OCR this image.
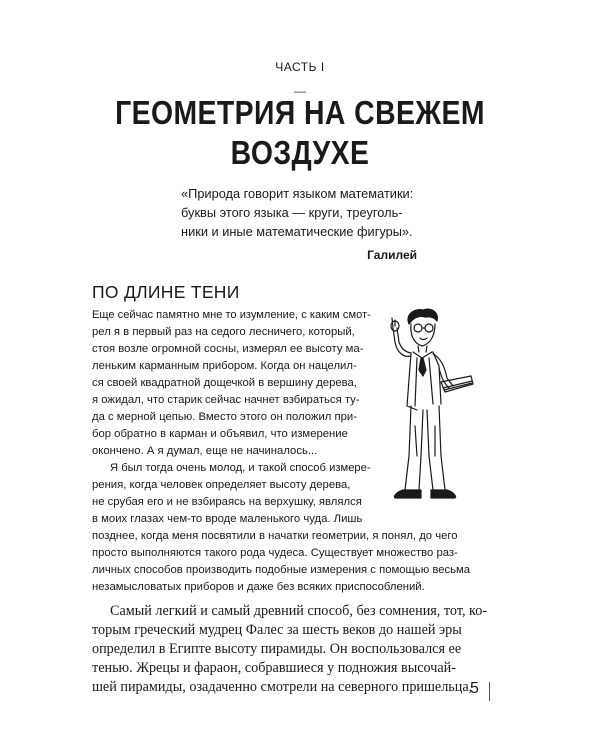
ЧАСТЬ I
—
ГЕОМЕТРИЯ НА СВЕЖЕМ
ВОЗДУХЕ
«Природа говорит языком математики:
буквы этого языка — круги, треуголь-
ники и иные математические фигуры».
Галилей
ПО ДЛИНЕ ТЕНИ
Еще сейчас памятно мне то изумление, с каким смот-
рел я в первый раз на седого лесничего, который,
стоя возле огромной сосны, измерял ее высоту ма-
леньким карманным прибором. Когда он нацелил-
ся своей квадратной дощечкой в вершину дерева,
я ожидал, что старик сейчас начнет взбираться ту-
да с мерной цепью. Вместо этого он положил при-
бор обратно в карман и объявил, что измерение
окончено. А я думал, еще не начиналось...
Я был тогда очень молод, и такой способ измере-
рения, когда человек определяет высоту дерева,
не срубая его и не взбираясь на верхушку, являлся
в моих глазах чем-то вроде маленького чуда. Лишь
позднее, когда меня посвятили в начатки геометрии, я понял, до чего
просто выполняются такого рода чудеса. Существует множество раз-
личных способов производить подобные измерения с помощью весьма
незамысловатых приборов и даже без всяких приспособлений.
Самый легкий и самый древний способ, без сомнения, тот, ко-
торым греческий мудрец Фалес за шесть веков до нашей эры
определил в Египте высоту пирамиды. Он воспользовался ее
тенью. Жрецы и фараон, собравшиеся у подножия высочай-
шей пирамиды, озадаченно смотрели на северного пришельца,
5
